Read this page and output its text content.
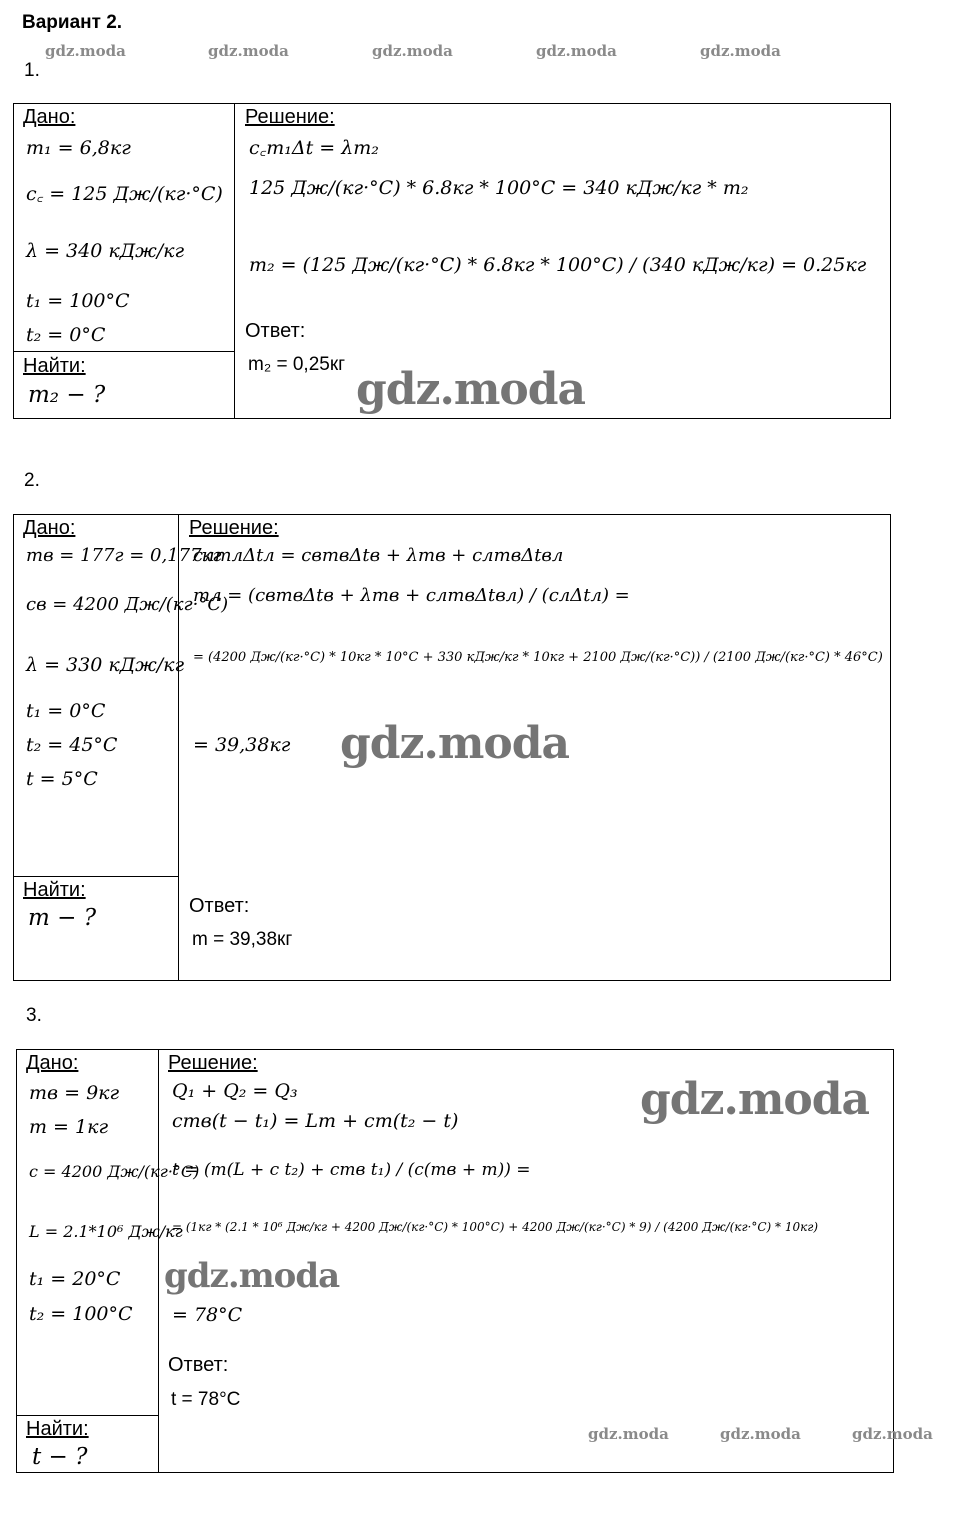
Вариант 2.
gdz.moda	gdz.moda	gdz.moda	gdz.moda	gdz.moda
1.
Дано:
m₁ = 6,8кг
c꜀ = 125 Дж/(кг·°C)
λ = 340 кДж/кг
t₁ = 100°C
t₂ = 0°C
Найти:
m₂ − ?
Решение:
c꜀m₁Δt = λm₂
125 Дж/(кг·°C) * 6.8кг * 100°C = 340 кДж/кг * m₂
m₂ = (125 Дж/(кг·°C) * 6.8кг * 100°C) / (340 кДж/кг) = 0.25кг
Ответ:
m₂ = 0,25кг gdz.moda
2.
Дано:
mв = 177г = 0,177кг
cв = 4200 Дж/(кг·°C)
λ = 330 кДж/кг
t₁ = 0°C
t₂ = 45°C
t = 5°C
Найти:
m − ?
Решение:
cлmлΔtл = cвmвΔtв + λmв + cлmвΔtвл
mл = (cвmвΔtв + λmв + cлmвΔtвл) / (cлΔtл) =
= (4200 Дж/(кг·°C) * 10кг * 10°C + 330 кДж/кг * 10кг + 2100 Дж/(кг·°C)) / (2100 Дж/(кг·°C) * 46°C)
= 39,38кг gdz.moda
Ответ:
m = 39,38кг
3.
Дано:
mв = 9кг
m = 1кг
c = 4200 Дж/(кг·°C)
L = 2.1*10⁶ Дж/кг
t₁ = 20°C
t₂ = 100°C
Найти:
t − ?
Решение:
Q₁ + Q₂ = Q₃
cmв(t − t₁) = Lm + cm(t₂ − t)
t = (m(L + c t₂) + cmв t₁) / (c(mв + m)) =
= (1кг * (2.1 * 10⁶ Дж/кг + 4200 Дж/(кг·°C) * 100°C) + 4200 Дж/(кг·°C) * 9) / (4200 Дж/(кг·°C) * 10кг)
= 78°C
Ответ:
t = 78°C
gdz.moda
gdz.moda
gdz.moda	gdz.moda	gdz.moda
